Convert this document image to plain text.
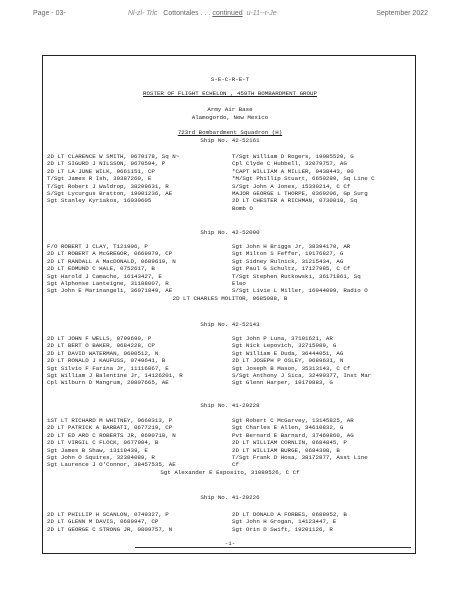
Page - 03-	Nl-zl- Trlc Cottontales . . . continued u-11--r-Je	September 2022
S-E-C-R-E-T
ROSTER OF FLIGHT ECHELON , 459TH BOMBARDMENT GROUP
Army Air Base
Alamogordo, New Mexico
723rd Bombardment Squadron (H)
Ship No. 42-52161
2D LT CLARENCE W SMITH, 0670178, Sq N~	T/Sgt William D Rogers, 19085520, G
2D LT SIGURD J NILSSON, 0670594, P	Cpl Clyde C Hubbell, 32079757, AG
2D LT LA JUNE WILK, 0661151, CP	*CAPT WILLIAM A MILLER, 0438443, 00
T/Sgt James R Ish, 39387260, E	*M/Sgt Phillip Stuart, 6650280, Sq Line C
T/Sgt Robert J Waldrop, 38209631, R	S/Sgt John A Jones, 15330214, C Cf
S/Sgt Lycurgus Bratton, 19001236, AE	MAJOR GEORGE L THORPE, 0369206, Gp Surg
Sgt Stanley Kyriakos, 16030605	2D LT CHESTER A RICHMAN, 0730819, Sq
Bomb O
Ship No. 42-52090
F/O ROBERT J CLAY, T121906, P	Sgt John H Briggs Jr, 38394170, AR
2D LT ROBERT A McGREGOR, 0669979, CP	Sgt Milton S Feffer, 19176827, G
2D LT RANDALL A MacDONALD, 0689619, N	Sgt Sidney Rulnick, 31215434, AG
2D LT EDMUND C HALE, 0752617, B	Sgt Paul G Schultz, 17127985, C Cf
Sgt Harold J Camache, 16143427, E	T/Sgt Stephen Rutkowski, 36171861, Sq
Sgt Alphonse Lanteigne, 31188007, R	Eleo
Sgt John E Marinangeli, 36071849, AE	S/Sgt Livie L Miller, 16044099, Radio O
2D LT CHARLES MOLITOR, 0685088, B
Ship No. 42-52143
2D LT JOHN F WELLS, 0799690, P	Sgt John P Luna, 37101621, AR
2D LT BERT O BAKER, 0684228, CP	Sgt Nick Lepovich, 32715089, G
2D LT DAVID WATERMAN, 0690512, N	Sgt William E Duda, 36444051, AG
2D LT RONALD J KAUFUSS, 0749641, B	2D LT JOSEPH P OSLEY, 0689631, N
Sgt Silvio F Farina Jr, 11116867, E	Sgt Joseph B Mason, 35313143, C Cf
Sgt William J Balentine Jr, 14126201, R	S/Sgt Anthony J Sica, 32490377, Inst Mar
Cpl Wilburn D Mangrum, 20807665, AE	Sgt Glenn Harper, 19179883, G
Ship No. 41-29228
1ST LT RICHARD M WHITNEY, 0660313, P	Sgt Robert C McGarvey, 13145825, AR
2D LT PATRICK A BARBATI, 0677219, CP	Sgt Charles E Allen, 34610832, G
2D LT ED ARD C ROBERTS JR, 0690718, N	Pvt Bernard E Barnard, 37469860, AG
2D LT VIRGIL C FLOCK, 0677984, B	2D LT WILLIAM CORNLIN, 0684845, P
Sgt James B Shaw, 13119439, E	2D LT WILLIAM BURGE, 0684308, B
Sgt John O Squires, 32384089, R	T/Sgt Frank D Hosa, 38172877, Asst Line
Sgt Laurence J O'Connor, 38457535, AE	Cf
Sgt Alexander E Esposito, 31089526, C Cf
Ship No. 41-29226
2D LT PHILLIP H SCANLON, 0749327, P	2D LT DONALD A FORBES, 0688952, B
2D LT GLENN M DAVIS, 0689947, CP	Sgt John H Grogan, 14123447, E
2D LT GEORGE C STRONG JR, 0809757, N	Sgt Orin D Swift, 19201126, R
-1-
